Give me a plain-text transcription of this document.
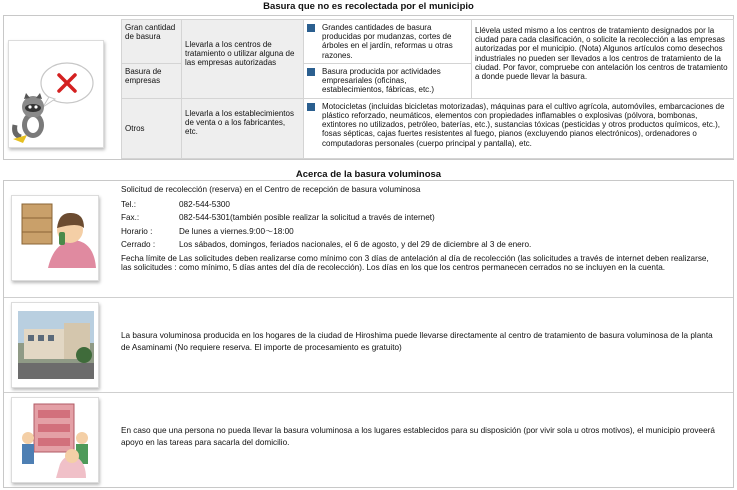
Basura que no es recolectada por el municipio
Gran cantidad de basura	Llevarla a los centros de tratamiento o utilizar alguna de las empresas autorizadas	Grandes cantidades de basura producidas por mudanzas, cortes de árboles en el jardín, reformas u otras razones.	Llévela usted mismo a los centros de tratamiento designados por la ciudad para cada clasificación, o solicite la recolección a las empresas autorizadas por el municipio. (Nota) Algunos artículos como desechos industriales no pueden ser llevados a los centros de tratamiento de la ciudad. Por favor, compruebe con antelación los centros de tratamiento a donde puede llevar la basura.
Basura de empresas		Basura producida por actividades empresariales (oficinas, establecimientos, fábricas, etc.)	
Otros	Llevarla a los establecimientos de venta o a los fabricantes, etc.	Motocicletas (incluidas bicicletas motorizadas), máquinas para el cultivo agrícola, automóviles, embarcaciones de plástico reforzado, neumáticos, elementos con propiedades inflamables o explosivas (pólvora, bombonas, extintores no utilizados, petróleo, baterías, etc.), sustancias tóxicas (pesticidas y otros productos químicos, etc.), fosas sépticas, cajas fuertes resistentes al fuego, pianos (excluyendo pianos electrónicos), ordenadores o computadoras personales (cuerpo principal y pantalla), etc.	
Acerca de la basura voluminosa
Solicitud de recolección (reserva) en el Centro de recepción de basura voluminosa
Tel.:	082-544-5300
Fax.:	082-544-5301(también posible realizar la solicitud a través de internet)
Horario :	De lunes a viernes.9:00〜18:00
Cerrado :	Los sábados, domingos, feriados nacionales, el 6 de agosto, y del 29 de diciembre al 3 de enero.
Fecha límite de las solicitudes :	Las solicitudes deben realizarse como mínimo con 3 días de antelación al día de recolección (las solicitudes a través de internet deben realizarse, como mínimo, 5 días antes del día de recolección). Los días en los que los centros permanecen cerrados no se incluyen en la cuenta.
La basura voluminosa producida en los hogares de la ciudad de Hiroshima puede llevarse directamente al centro de tratamiento de basura voluminosa de la planta de Asaminami (No requiere reserva. El importe de procesamiento es gratuito)
En caso que una persona no pueda llevar la basura voluminosa a los lugares establecidos para su disposición (por vivir sola u otros motivos), el municipio proveerá apoyo en las tareas para sacarla del domicilio.
